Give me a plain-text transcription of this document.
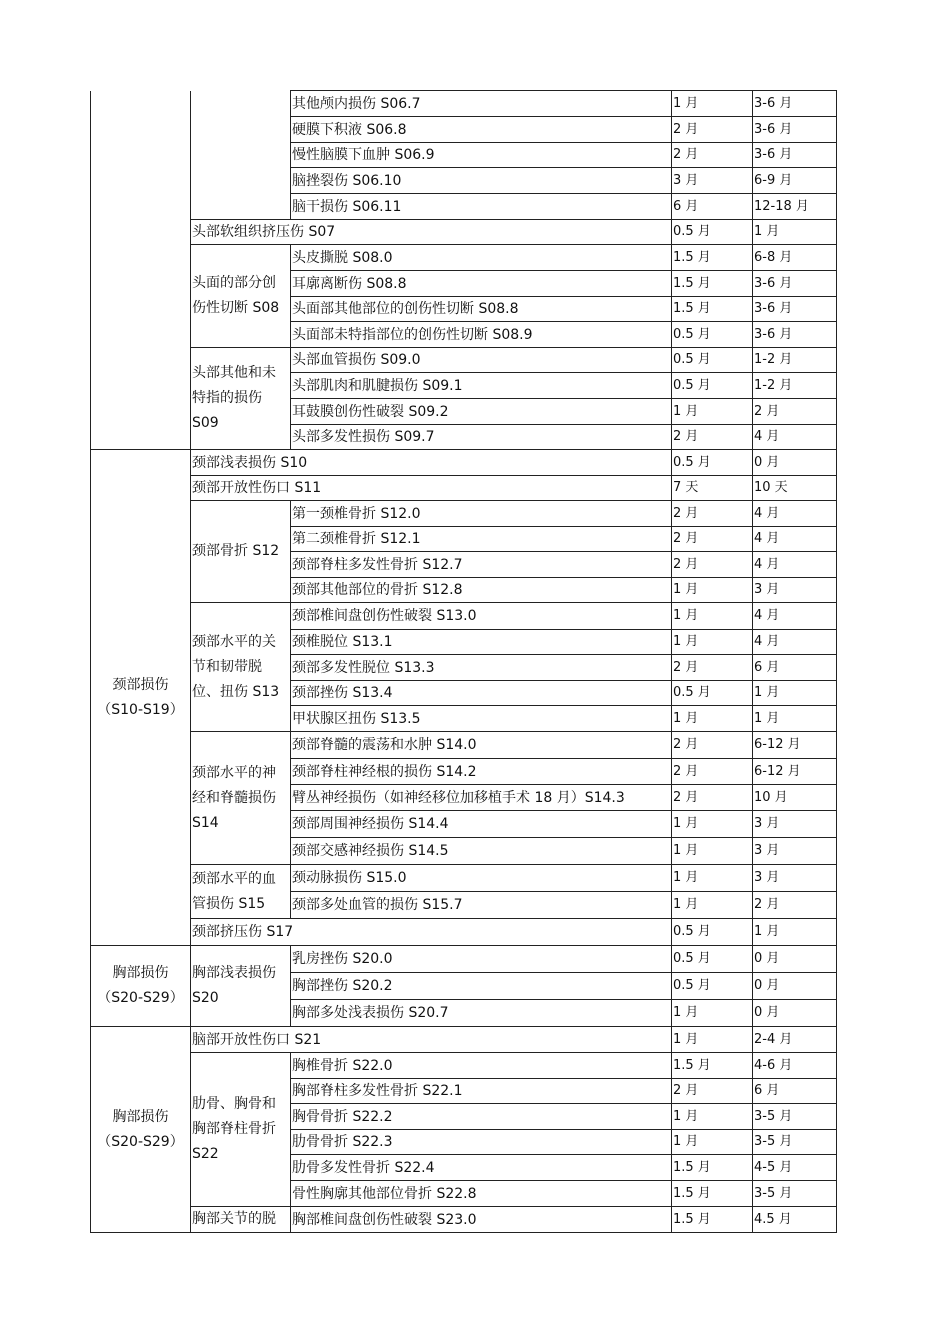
		其他颅内损伤 S06.7	1 月	3-6 月
		硬膜下积液 S06.8	2 月	3-6 月
		慢性脑膜下血肿 S06.9	2 月	3-6 月
		脑挫裂伤 S06.10	3 月	6-9 月
		脑干损伤 S06.11	6 月	12-18 月
	头部软组织挤压伤 S07		0.5 月	1 月
	头面的部分创伤性切断 S08	头皮撕脱 S08.0	1.5 月	6-8 月
		耳廓离断伤 S08.8	1.5 月	3-6 月
		头面部其他部位的创伤性切断 S08.8	1.5 月	3-6 月
		头面部未特指部位的创伤性切断 S08.9	0.5 月	3-6 月
	头部其他和未特指的损伤 S09	头部血管损伤 S09.0	0.5 月	1-2 月
		头部肌肉和肌腱损伤 S09.1	0.5 月	1-2 月
		耳鼓膜创伤性破裂 S09.2	1 月	2 月
		头部多发性损伤 S09.7	2 月	4 月
颈部损伤（S10-S19）	颈部浅表损伤 S10		0.5 月	0 月
	颈部开放性伤口 S11		7 天	10 天
	颈部骨折 S12	第一颈椎骨折 S12.0	2 月	4 月
		第二颈椎骨折 S12.1	2 月	4 月
		颈部脊柱多发性骨折 S12.7	2 月	4 月
		颈部其他部位的骨折 S12.8	1 月	3 月
	颈部水平的关节和韧带脱位、扭伤 S13	颈部椎间盘创伤性破裂 S13.0	1 月	4 月
		颈椎脱位 S13.1	1 月	4 月
		颈部多发性脱位 S13.3	2 月	6 月
		颈部挫伤 S13.4	0.5 月	1 月
		甲状腺区扭伤 S13.5	1 月	1 月
	颈部水平的神经和脊髓损伤 S14	颈部脊髓的震荡和水肿 S14.0	2 月	6-12 月
		颈部脊柱神经根的损伤 S14.2	2 月	6-12 月
		臂丛神经损伤（如神经移位加移植手术 18 月）S14.3	2 月	10 月
		颈部周围神经损伤 S14.4	1 月	3 月
		颈部交感神经损伤 S14.5	1 月	3 月
	颈部水平的血管损伤 S15	颈动脉损伤 S15.0	1 月	3 月
		颈部多处血管的损伤 S15.7	1 月	2 月
	颈部挤压伤 S17		0.5 月	1 月
胸部损伤（S20-S29）	胸部浅表损伤 S20	乳房挫伤 S20.0	0.5 月	0 月
		胸部挫伤 S20.2	0.5 月	0 月
		胸部多处浅表损伤 S20.7	1 月	0 月
胸部损伤（S20-S29）	脑部开放性伤口 S21		1 月	2-4 月
	肋骨、胸骨和胸部脊柱骨折 S22	胸椎骨折 S22.0	1.5 月	4-6 月
		胸部脊柱多发性骨折 S22.1	2 月	6 月
		胸骨骨折 S22.2	1 月	3-5 月
		肋骨骨折 S22.3	1 月	3-5 月
		肋骨多发性骨折 S22.4	1.5 月	4-5 月
		骨性胸廓其他部位骨折 S22.8	1.5 月	3-5 月
	胸部关节的脱	胸部椎间盘创伤性破裂 S23.0	1.5 月	4.5 月
